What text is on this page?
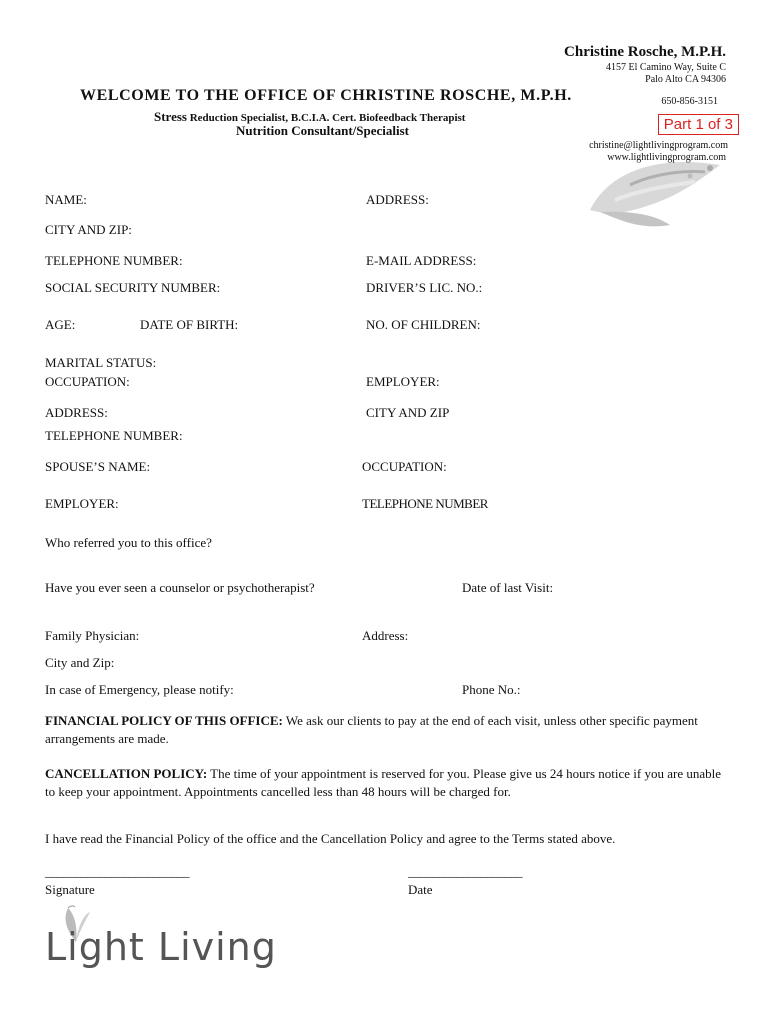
Christine Rosche, M.P.H.
4157 El Camino Way, Suite C
Palo Alto CA 94306
650-856-3151
Part 1 of 3
christine@lightlivingprogram.com
www.lightlivingprogram.com
WELCOME TO THE OFFICE OF CHRISTINE ROSCHE, M.P.H.
Stress Reduction Specialist, B.C.I.A. Cert. Biofeedback Therapist
Nutrition Consultant/Specialist
NAME:	ADDRESS:
CITY AND ZIP:
TELEPHONE NUMBER:	E-MAIL ADDRESS:
SOCIAL SECURITY NUMBER:	DRIVER’S LIC. NO.:
AGE:	DATE OF BIRTH:	NO. OF CHILDREN:
MARITAL STATUS:
OCCUPATION:	EMPLOYER:
ADDRESS:	CITY AND ZIP
TELEPHONE NUMBER:
SPOUSE’S NAME:	OCCUPATION:
EMPLOYER:	TELEPHONE NUMBER
Who referred you to this office?
Have you ever seen a counselor or psychotherapist?	Date of last Visit:
Family Physician:	Address:
City and Zip:
In case of Emergency, please notify:	Phone No.:
FINANCIAL POLICY OF THIS OFFICE: We ask our clients to pay at the end of each visit, unless other specific payment arrangements are made.
CANCELLATION POLICY: The time of your appointment is reserved for you. Please give us 24 hours notice if you are unable to keep your appointment. Appointments cancelled less than 48 hours will be charged for.
I have read the Financial Policy of the office and the Cancellation Policy and agree to the Terms stated above.
________________________
Signature
___________________
Date
Light Living
